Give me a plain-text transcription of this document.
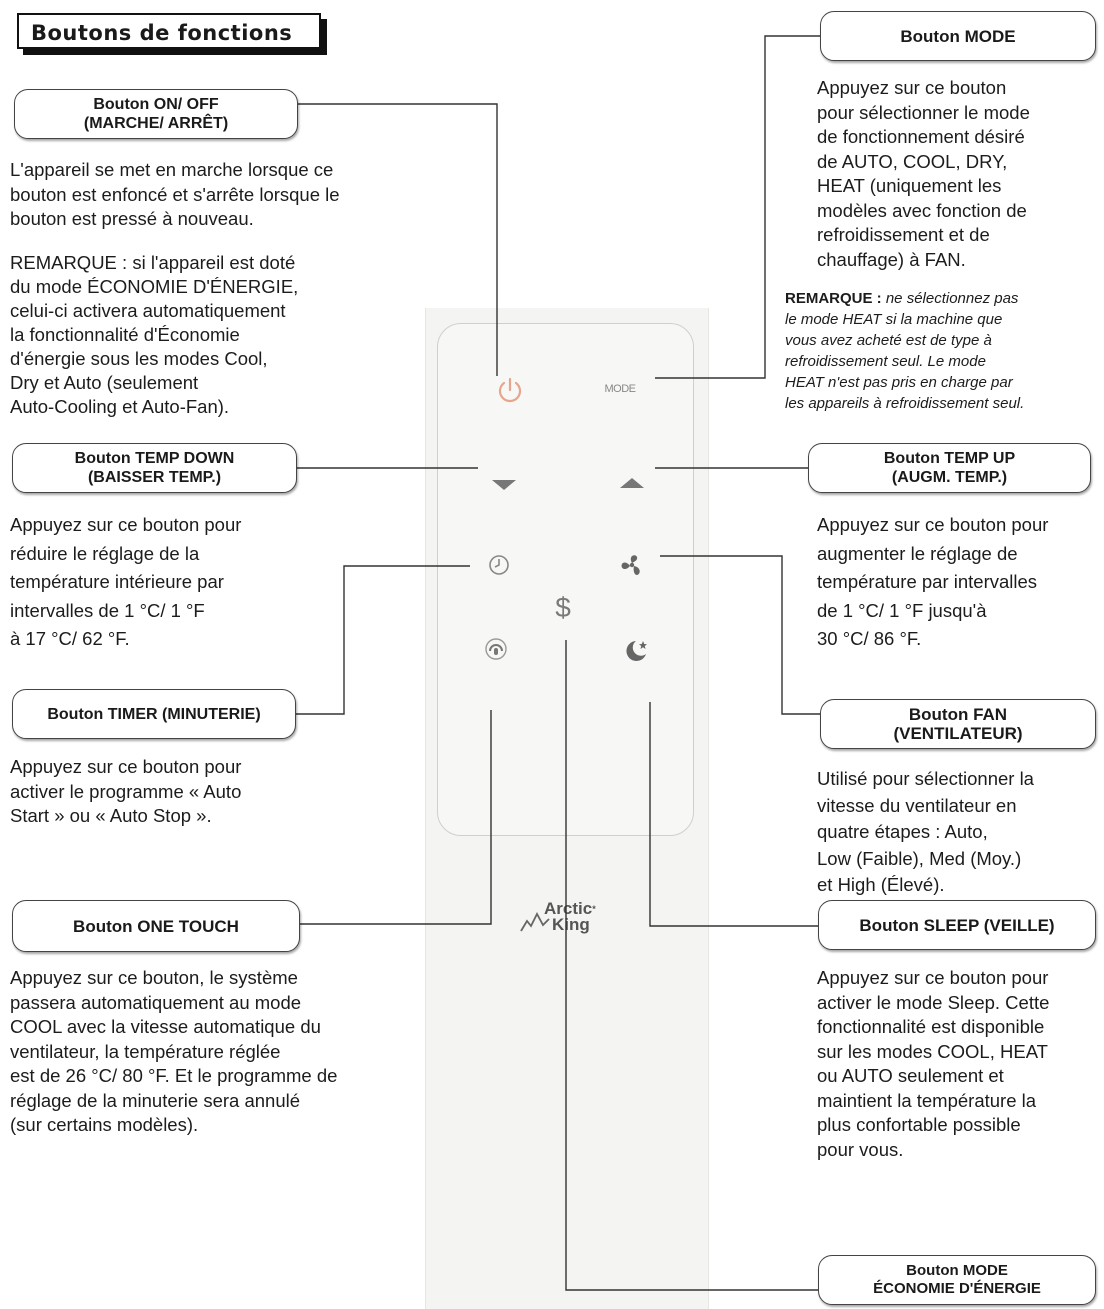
Boutons de fonctions
MODE
$
Arctic*
King
Bouton ON/ OFF
(MARCHE/ ARRÊT)

L'appareil se met en marche lorsque ce

bouton est enfoncé et s'arrête lorsque le

bouton est pressé à nouveau.

REMARQUE : si l'appareil est doté

du mode ÉCONOMIE D'ÉNERGIE,

celui-ci activera automatiquement

la fonctionnalité d'Économie

d'énergie sous les modes Cool,

Dry et Auto (seulement

Auto-Cooling et Auto-Fan).

Bouton MODE

Appuyez sur ce bouton

pour sélectionner le mode

de fonctionnement désiré

de AUTO, COOL, DRY,

HEAT (uniquement les

modèles avec fonction de

refroidissement et de

chauffage) à FAN.

REMARQUE : ne sélectionnez pas

le mode HEAT si la machine que

vous avez acheté est de type à

refroidissement seul. Le mode

HEAT n'est pas pris en charge par

les appareils à refroidissement seul.

Bouton TEMP DOWN
(BAISSER TEMP.)

Appuyez sur ce bouton pour

réduire le réglage de la

température intérieure par

intervalles de 1 °C/ 1 °F

à 17 °C/ 62 °F.

Bouton TEMP UP
(AUGM. TEMP.)

Appuyez sur ce bouton pour

augmenter le réglage de

température par intervalles

de 1 °C/ 1 °F jusqu'à

30 °C/ 86 °F.

Bouton TIMER (MINUTERIE)

Appuyez sur ce bouton pour

activer le programme « Auto

Start » ou « Auto Stop ».

Bouton FAN
(VENTILATEUR)

Utilisé pour sélectionner la

vitesse du ventilateur en

quatre étapes : Auto,

Low (Faible), Med (Moy.)

et High (Élevé).

Bouton ONE TOUCH

Appuyez sur ce bouton, le système

passera automatiquement au mode

COOL avec la vitesse automatique du

ventilateur, la température réglée

est de 26 °C/ 80 °F. Et le programme de

réglage de la minuterie sera annulé

(sur certains modèles).

Bouton SLEEP (VEILLE)

Appuyez sur ce bouton pour

activer le mode Sleep. Cette

fonctionnalité est disponible

sur les modes COOL, HEAT

ou AUTO seulement et

maintient la température la

plus confortable possible

pour vous.

Bouton MODE
ÉCONOMIE D'ÉNERGIE
